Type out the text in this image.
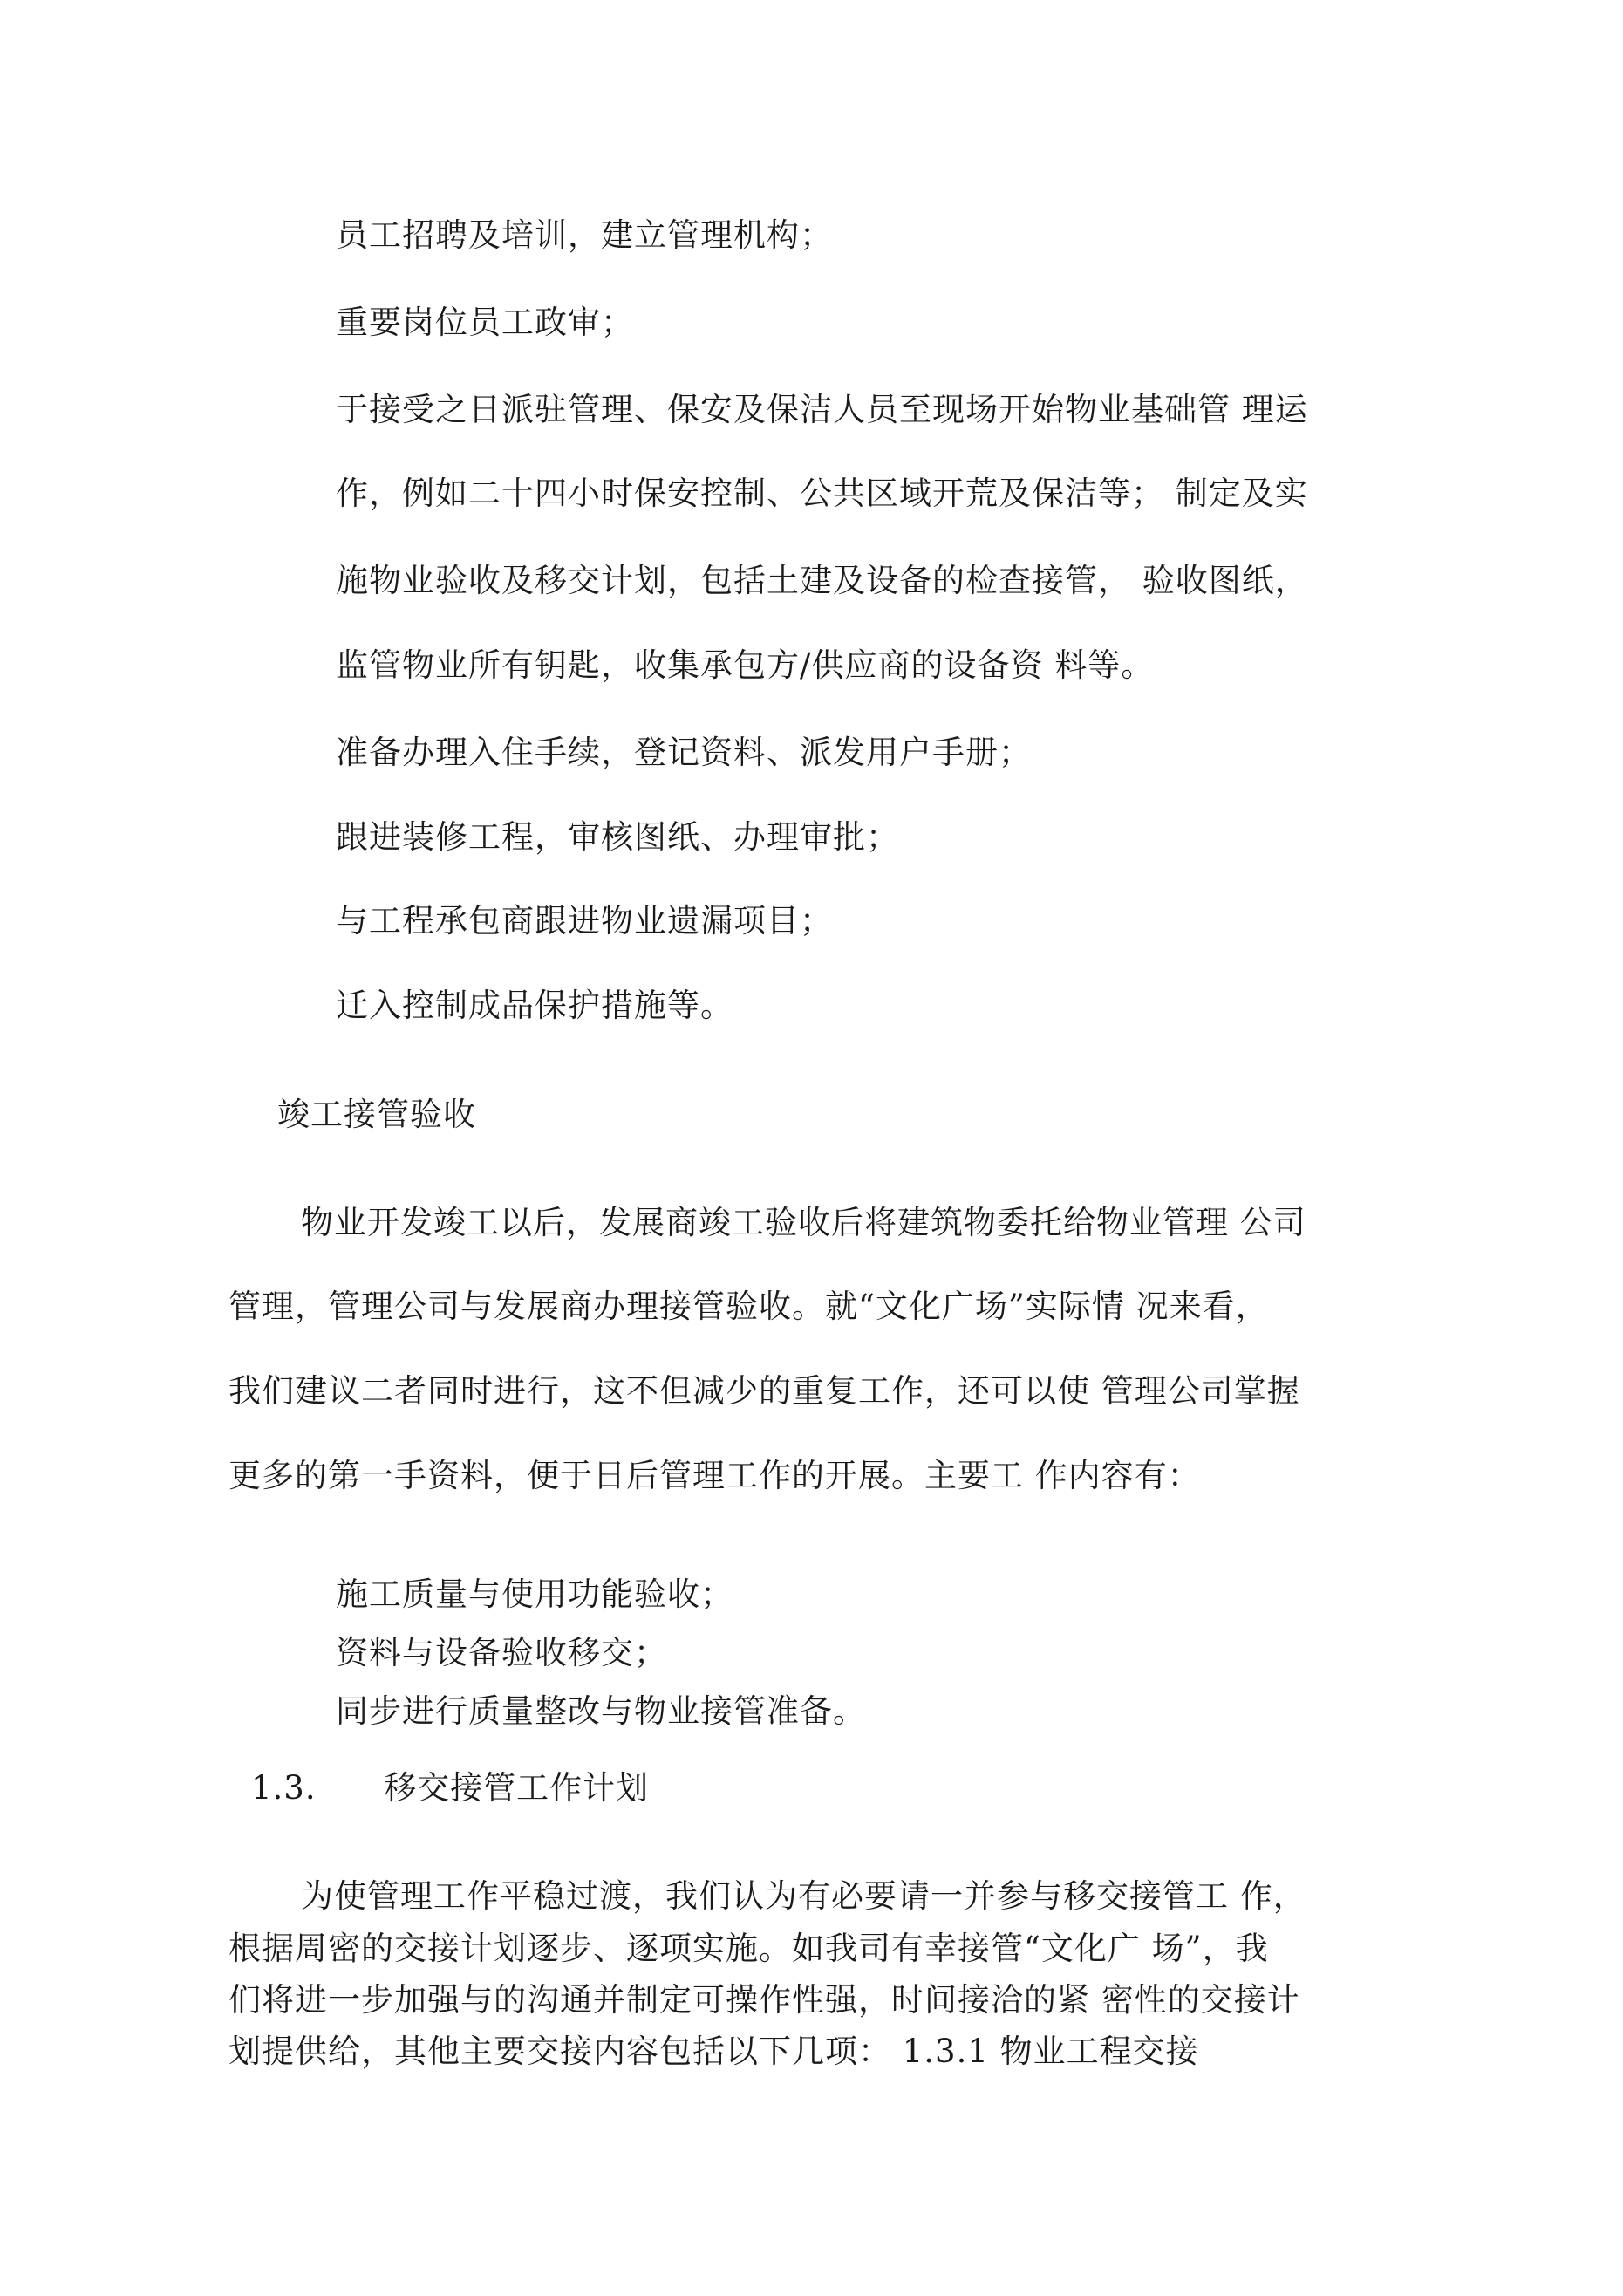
员工招聘及培训，建立管理机构；
重要岗位员工政审；
于接受之日派驻管理、保安及保洁人员至现场开始物业基础管 理运
作，例如二十四小时保安控制、公共区域开荒及保洁等； 制定及实
施物业验收及移交计划，包括土建及设备的检查接管， 验收图纸，
监管物业所有钥匙，收集承包方/供应商的设备资 料等。
准备办理入住手续，登记资料、派发用户手册；
跟进装修工程，审核图纸、办理审批；
与工程承包商跟进物业遗漏项目；
迁入控制成品保护措施等。
竣工接管验收
物业开发竣工以后，发展商竣工验收后将建筑物委托给物业管理 公司
管理，管理公司与发展商办理接管验收。就“文化广场”实际情 况来看，
我们建议二者同时进行，这不但减少的重复工作，还可以使 管理公司掌握
更多的第一手资料，便于日后管理工作的开展。主要工 作内容有：
施工质量与使用功能验收；
资料与设备验收移交；
同步进行质量整改与物业接管准备。
1.3. 移交接管工作计划
为使管理工作平稳过渡，我们认为有必要请一并参与移交接管工 作，
根据周密的交接计划逐步、逐项实施。如我司有幸接管“文化广 场”，我
们将进一步加强与的沟通并制定可操作性强，时间接洽的紧 密性的交接计
划提供给，其他主要交接内容包括以下几项： 1.3.1 物业工程交接
